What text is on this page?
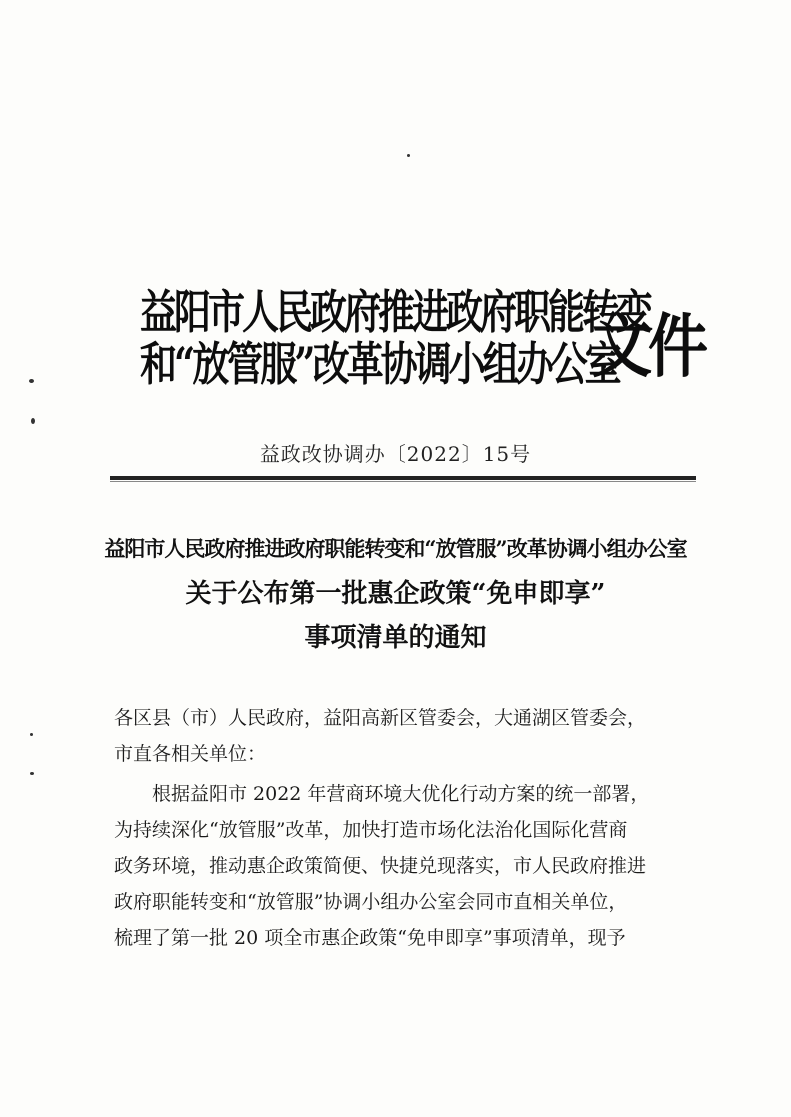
益阳市人民政府推进政府职能转变
和“放管服”改革协调小组办公室
文件
益政改协调办〔2022〕15号
益阳市人民政府推进政府职能转变和“放管服”改革协调小组办公室
关于公布第一批惠企政策“免申即享”
事项清单的通知
各区县（市）人民政府，益阳高新区管委会，大通湖区管委会，
市直各相关单位：
根据益阳市 2022 年营商环境大优化行动方案的统一部署，
为持续深化“放管服”改革，加快打造市场化法治化国际化营商
政务环境，推动惠企政策简便、快捷兑现落实，市人民政府推进
政府职能转变和“放管服”协调小组办公室会同市直相关单位，
梳理了第一批 20 项全市惠企政策“免申即享”事项清单，现予
